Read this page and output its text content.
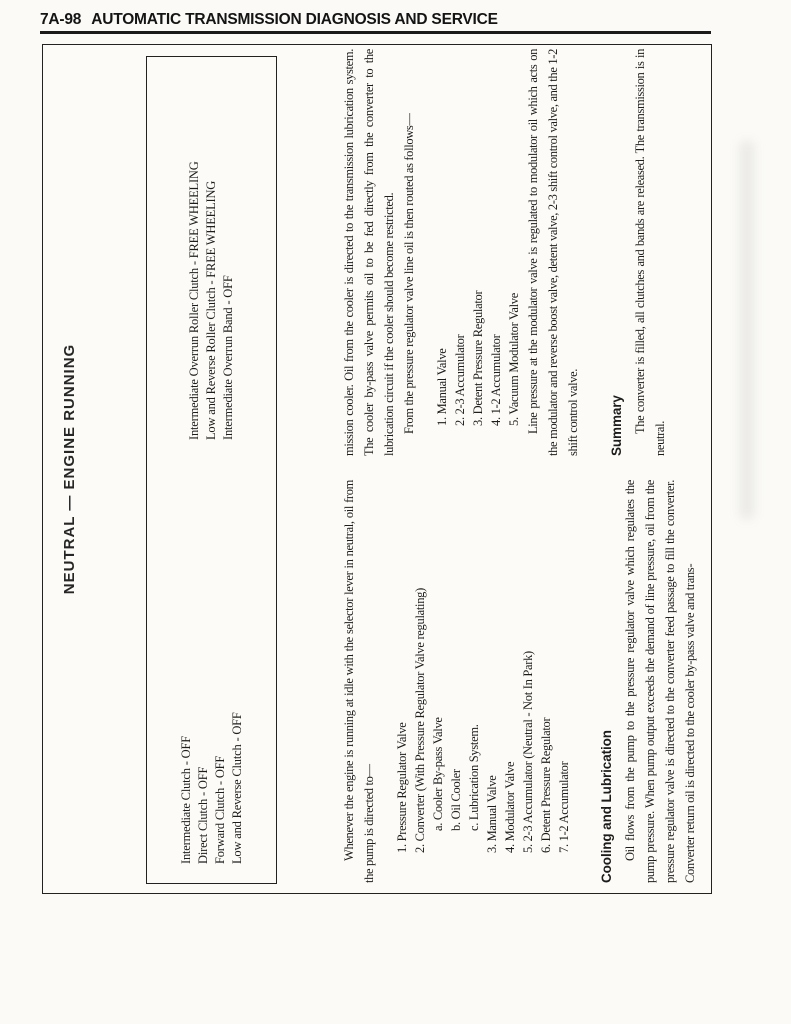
7A-98 AUTOMATIC TRANSMISSION DIAGNOSIS AND SERVICE
NEUTRAL — ENGINE RUNNING
Intermediate Clutch - OFF Direct Clutch - OFF Forward Clutch - OFF Low and Reverse Clutch - OFF
Intermediate Overrun Roller Clutch - FREE WHEELING Low and Reverse Roller Clutch - FREE WHEELING Intermediate Overrun Band - OFF

Whenever the engine is running at idle with the selector lever in neutral, oil from the pump is directed to— 1. Pressure Regulator Valve 2. Converter (With Pressure Regulator Valve regulating) a. Cooler By-pass Valve b. Oil Cooler c. Lubrication System. 3. Manual Valve 4. Modulator Valve 5. 2-3 Accumulator (Neutral - Not In Park) 6. Detent Pressure Regulator 7. 1-2 Accumulator Cooling and Lubrication Oil flows from the pump to the pressure regulator valve which regulates the pump pressure. When pump output exceeds the demand of line pressure, oil from the pressure regulator valve is directed to the converter feed passage to fill the converter. Converter return oil is directed to the cooler by-pass valve and trans-

mission cooler. Oil from the cooler is directed to the transmission lubrication system. The cooler by-pass valve permits oil to be fed directly from the converter to the lubrication circuit if the cooler should become restricted. From the pressure regulator valve line oil is then routed as follows— 1. Manual Valve 2. 2-3 Accumulator 3. Detent Pressure Regulator 4. 1-2 Accumulator 5. Vacuum Modulator Valve Line pressure at the modulator valve is regulated to modulator oil which acts on the modulator and reverse boost valve, detent valve, 2-3 shift control valve, and the 1-2 shift control valve. Summary The converter is filled, all clutches and bands are released. The transmission is in neutral.
